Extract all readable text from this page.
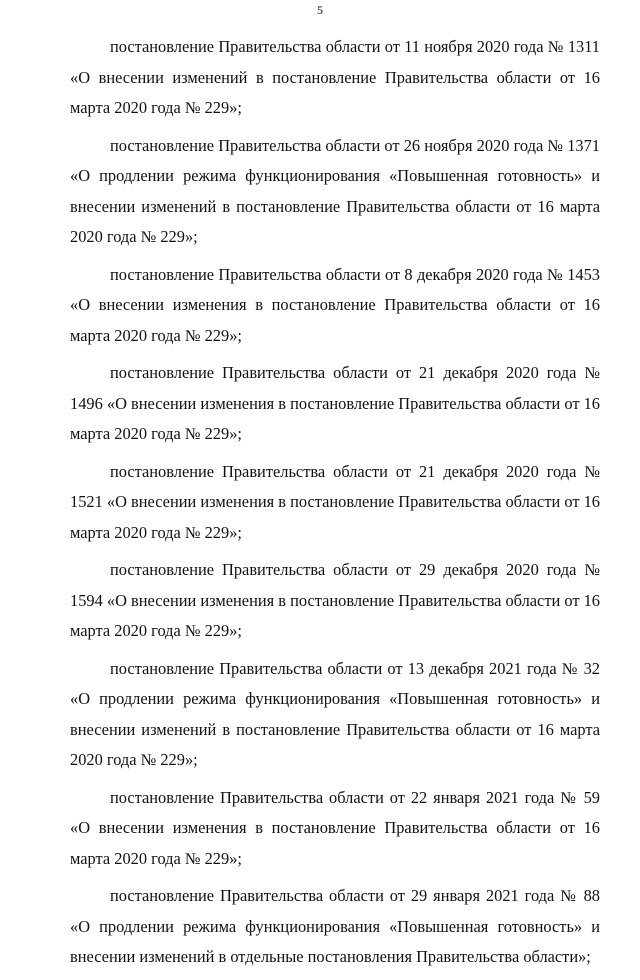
5

постановление Правительства области от 11 ноября 2020 года № 1311 «О внесении изменений в постановление Правительства области от 16 марта 2020 года № 229»;

постановление Правительства области от 26 ноября 2020 года № 1371 «О продлении режима функционирования «Повышенная готовность» и внесении изменений в постановление Правительства области от 16 марта 2020 года № 229»;

постановление Правительства области от 8 декабря 2020 года № 1453 «О внесении изменения в постановление Правительства области от 16 марта 2020 года № 229»;

постановление Правительства области от 21 декабря 2020 года № 1496 «О внесении изменения в постановление Правительства области от 16 марта 2020 года № 229»;

постановление Правительства области от 21 декабря 2020 года № 1521 «О внесении изменения в постановление Правительства области от 16 марта 2020 года № 229»;

постановление Правительства области от 29 декабря 2020 года № 1594 «О внесении изменения в постановление Правительства области от 16 марта 2020 года № 229»;

постановление Правительства области от 13 декабря 2021 года № 32 «О продлении режима функционирования «Повышенная готовность» и внесении изменений в постановление Правительства области от 16 марта 2020 года № 229»;

постановление Правительства области от 22 января 2021 года № 59 «О внесении изменения в постановление Правительства области от 16 марта 2020 года № 229»;

постановление Правительства области от 29 января 2021 года № 88 «О продлении режима функционирования «Повышенная готовность» и внесении изменений в отдельные постановления Правительства области»;
